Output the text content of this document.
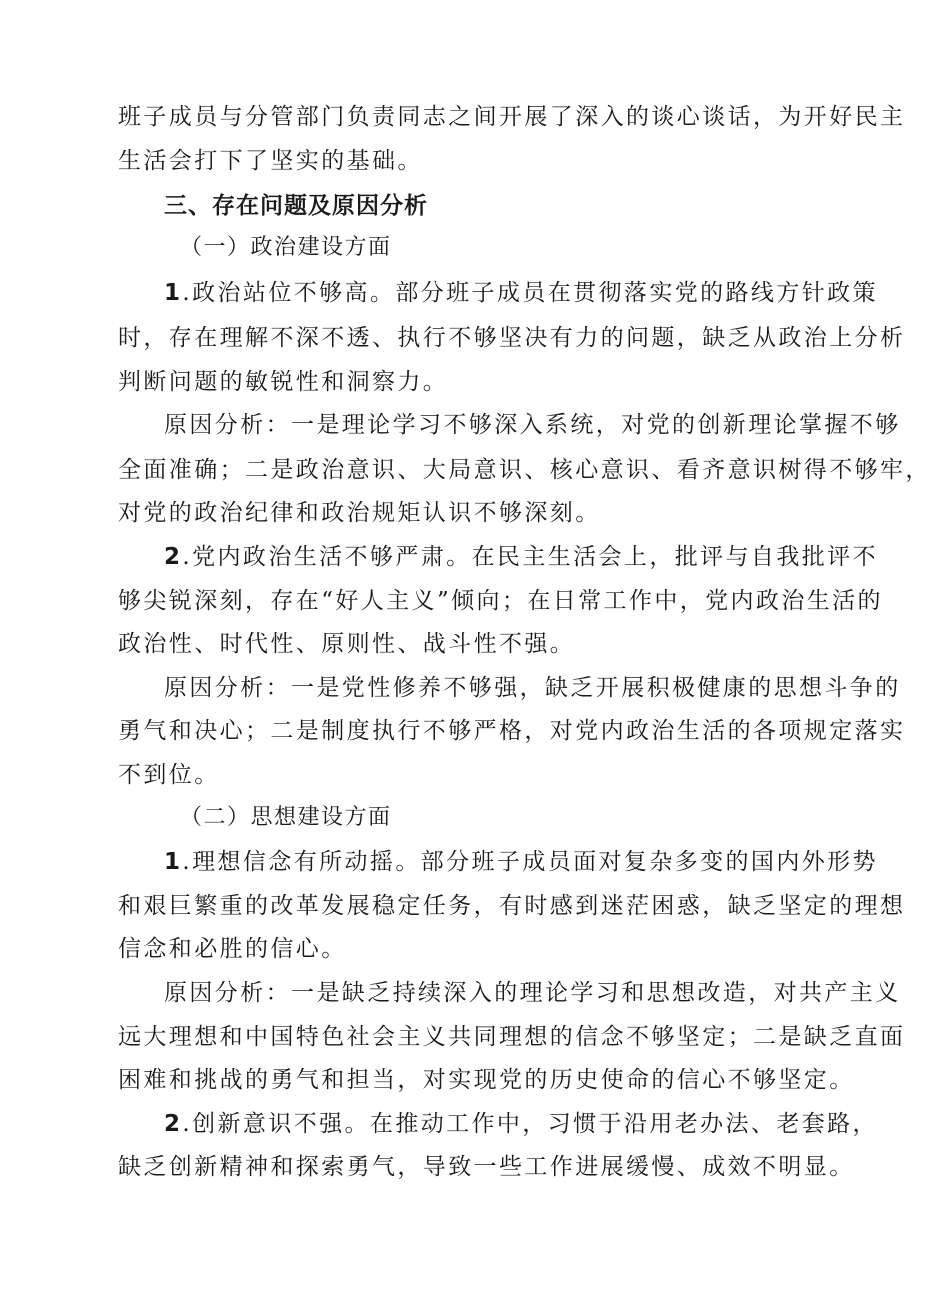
班子成员与分管部门负责同志之间开展了深入的谈心谈话，为开好民主
生活会打下了坚实的基础。
三、存在问题及原因分析
（一）政治建设方面
1.政治站位不够高。部分班子成员在贯彻落实党的路线方针政策
时，存在理解不深不透、执行不够坚决有力的问题，缺乏从政治上分析
判断问题的敏锐性和洞察力。
原因分析：一是理论学习不够深入系统，对党的创新理论掌握不够
全面准确；二是政治意识、大局意识、核心意识、看齐意识树得不够牢，
对党的政治纪律和政治规矩认识不够深刻。
2.党内政治生活不够严肃。在民主生活会上，批评与自我批评不
够尖锐深刻，存在“好人主义”倾向；在日常工作中，党内政治生活的
政治性、时代性、原则性、战斗性不强。
原因分析：一是党性修养不够强，缺乏开展积极健康的思想斗争的
勇气和决心；二是制度执行不够严格，对党内政治生活的各项规定落实
不到位。
（二）思想建设方面
1.理想信念有所动摇。部分班子成员面对复杂多变的国内外形势
和艰巨繁重的改革发展稳定任务，有时感到迷茫困惑，缺乏坚定的理想
信念和必胜的信心。
原因分析：一是缺乏持续深入的理论学习和思想改造，对共产主义
远大理想和中国特色社会主义共同理想的信念不够坚定；二是缺乏直面
困难和挑战的勇气和担当，对实现党的历史使命的信心不够坚定。
2.创新意识不强。在推动工作中，习惯于沿用老办法、老套路，
缺乏创新精神和探索勇气，导致一些工作进展缓慢、成效不明显。
